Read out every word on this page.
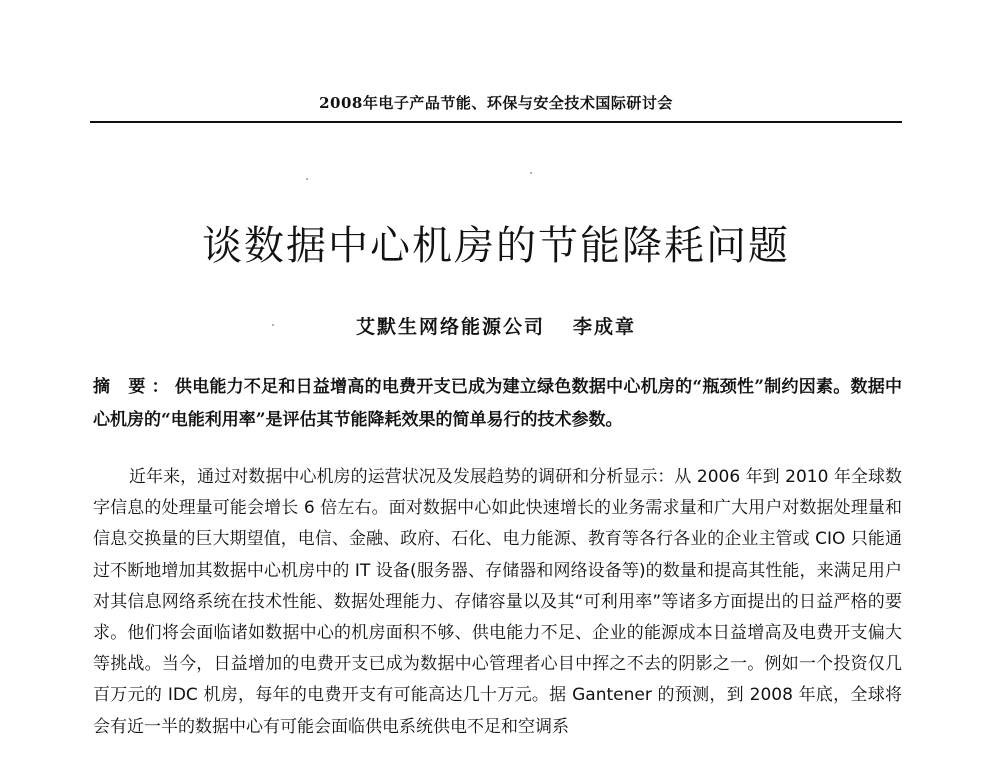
2008年电子产品节能、环保与安全技术国际研讨会
谈数据中心机房的节能降耗问题
艾默生网络能源公司 李成章

摘 要：供电能力不足和日益增高的电费开支已成为建立绿色数据中心机房的“瓶颈性”制约因素。数据中心机房的“电能利用率”是评估其节能降耗效果的简单易行的技术参数。

近年来，通过对数据中心机房的运营状况及发展趋势的调研和分析显示：从 2006 年到 2010 年全球数字信息的处理量可能会增长 6 倍左右。面对数据中心如此快速增长的业务需求量和广大用户对数据处理量和信息交换量的巨大期望值，电信、金融、政府、石化、电力能源、教育等各行各业的企业主管或 CIO 只能通过不断地增加其数据中心机房中的 IT 设备(服务器、存储器和网络设备等)的数量和提高其性能，来满足用户对其信息网络系统在技术性能、数据处理能力、存储容量以及其“可利用率”等诸多方面提出的日益严格的要求。他们将会面临诸如数据中心的机房面积不够、供电能力不足、企业的能源成本日益增高及电费开支偏大等挑战。当今，日益增加的电费开支已成为数据中心管理者心目中挥之不去的阴影之一。例如一个投资仅几百万元的 IDC 机房，每年的电费开支有可能高达几十万元。据 Gantener 的预测，到 2008 年底，全球将会有近一半的数据中心有可能会面临供电系统供电不足和空调系
